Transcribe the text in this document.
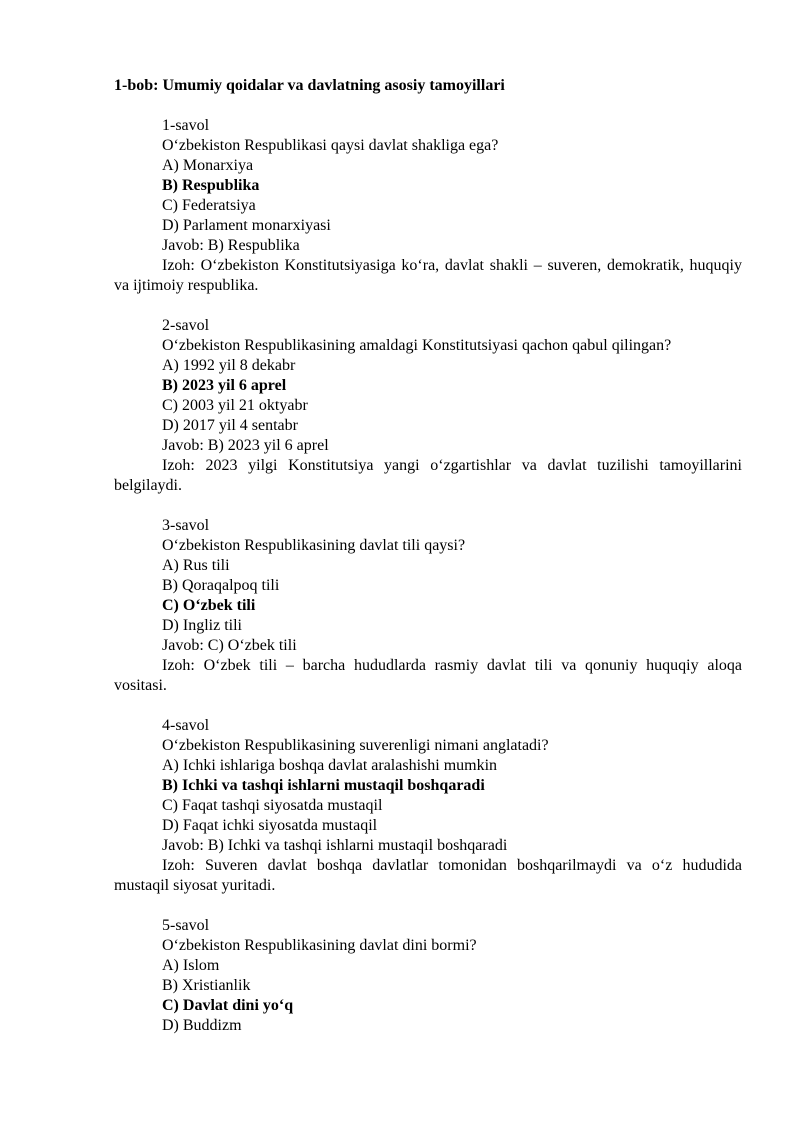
1-bob: Umumiy qoidalar va davlatning asosiy tamoyillari

1-savol

O‘zbekiston Respublikasi qaysi davlat shakliga ega?

A) Monarxiya

B) Respublika

C) Federatsiya

D) Parlament monarxiyasi

Javob: B) Respublika

Izoh: O‘zbekiston Konstitutsiyasiga ko‘ra, davlat shakli – suveren, demokratik, huquqiy va ijtimoiy respublika.

2-savol

O‘zbekiston Respublikasining amaldagi Konstitutsiyasi qachon qabul qilingan?

A) 1992 yil 8 dekabr

B) 2023 yil 6 aprel

C) 2003 yil 21 oktyabr

D) 2017 yil 4 sentabr

Javob: B) 2023 yil 6 aprel

Izoh: 2023 yilgi Konstitutsiya yangi o‘zgartishlar va davlat tuzilishi tamoyillarini belgilaydi.

3-savol

O‘zbekiston Respublikasining davlat tili qaysi?

A) Rus tili

B) Qoraqalpoq tili

C) O‘zbek tili

D) Ingliz tili

Javob: C) O‘zbek tili

Izoh: O‘zbek tili – barcha hududlarda rasmiy davlat tili va qonuniy huquqiy aloqa vositasi.

4-savol

O‘zbekiston Respublikasining suverenligi nimani anglatadi?

A) Ichki ishlariga boshqa davlat aralashishi mumkin

B) Ichki va tashqi ishlarni mustaqil boshqaradi

C) Faqat tashqi siyosatda mustaqil

D) Faqat ichki siyosatda mustaqil

Javob: B) Ichki va tashqi ishlarni mustaqil boshqaradi

Izoh: Suveren davlat boshqa davlatlar tomonidan boshqarilmaydi va o‘z hududida mustaqil siyosat yuritadi.

5-savol

O‘zbekiston Respublikasining davlat dini bormi?

A) Islom

B) Xristianlik

C) Davlat dini yo‘q

D) Buddizm
